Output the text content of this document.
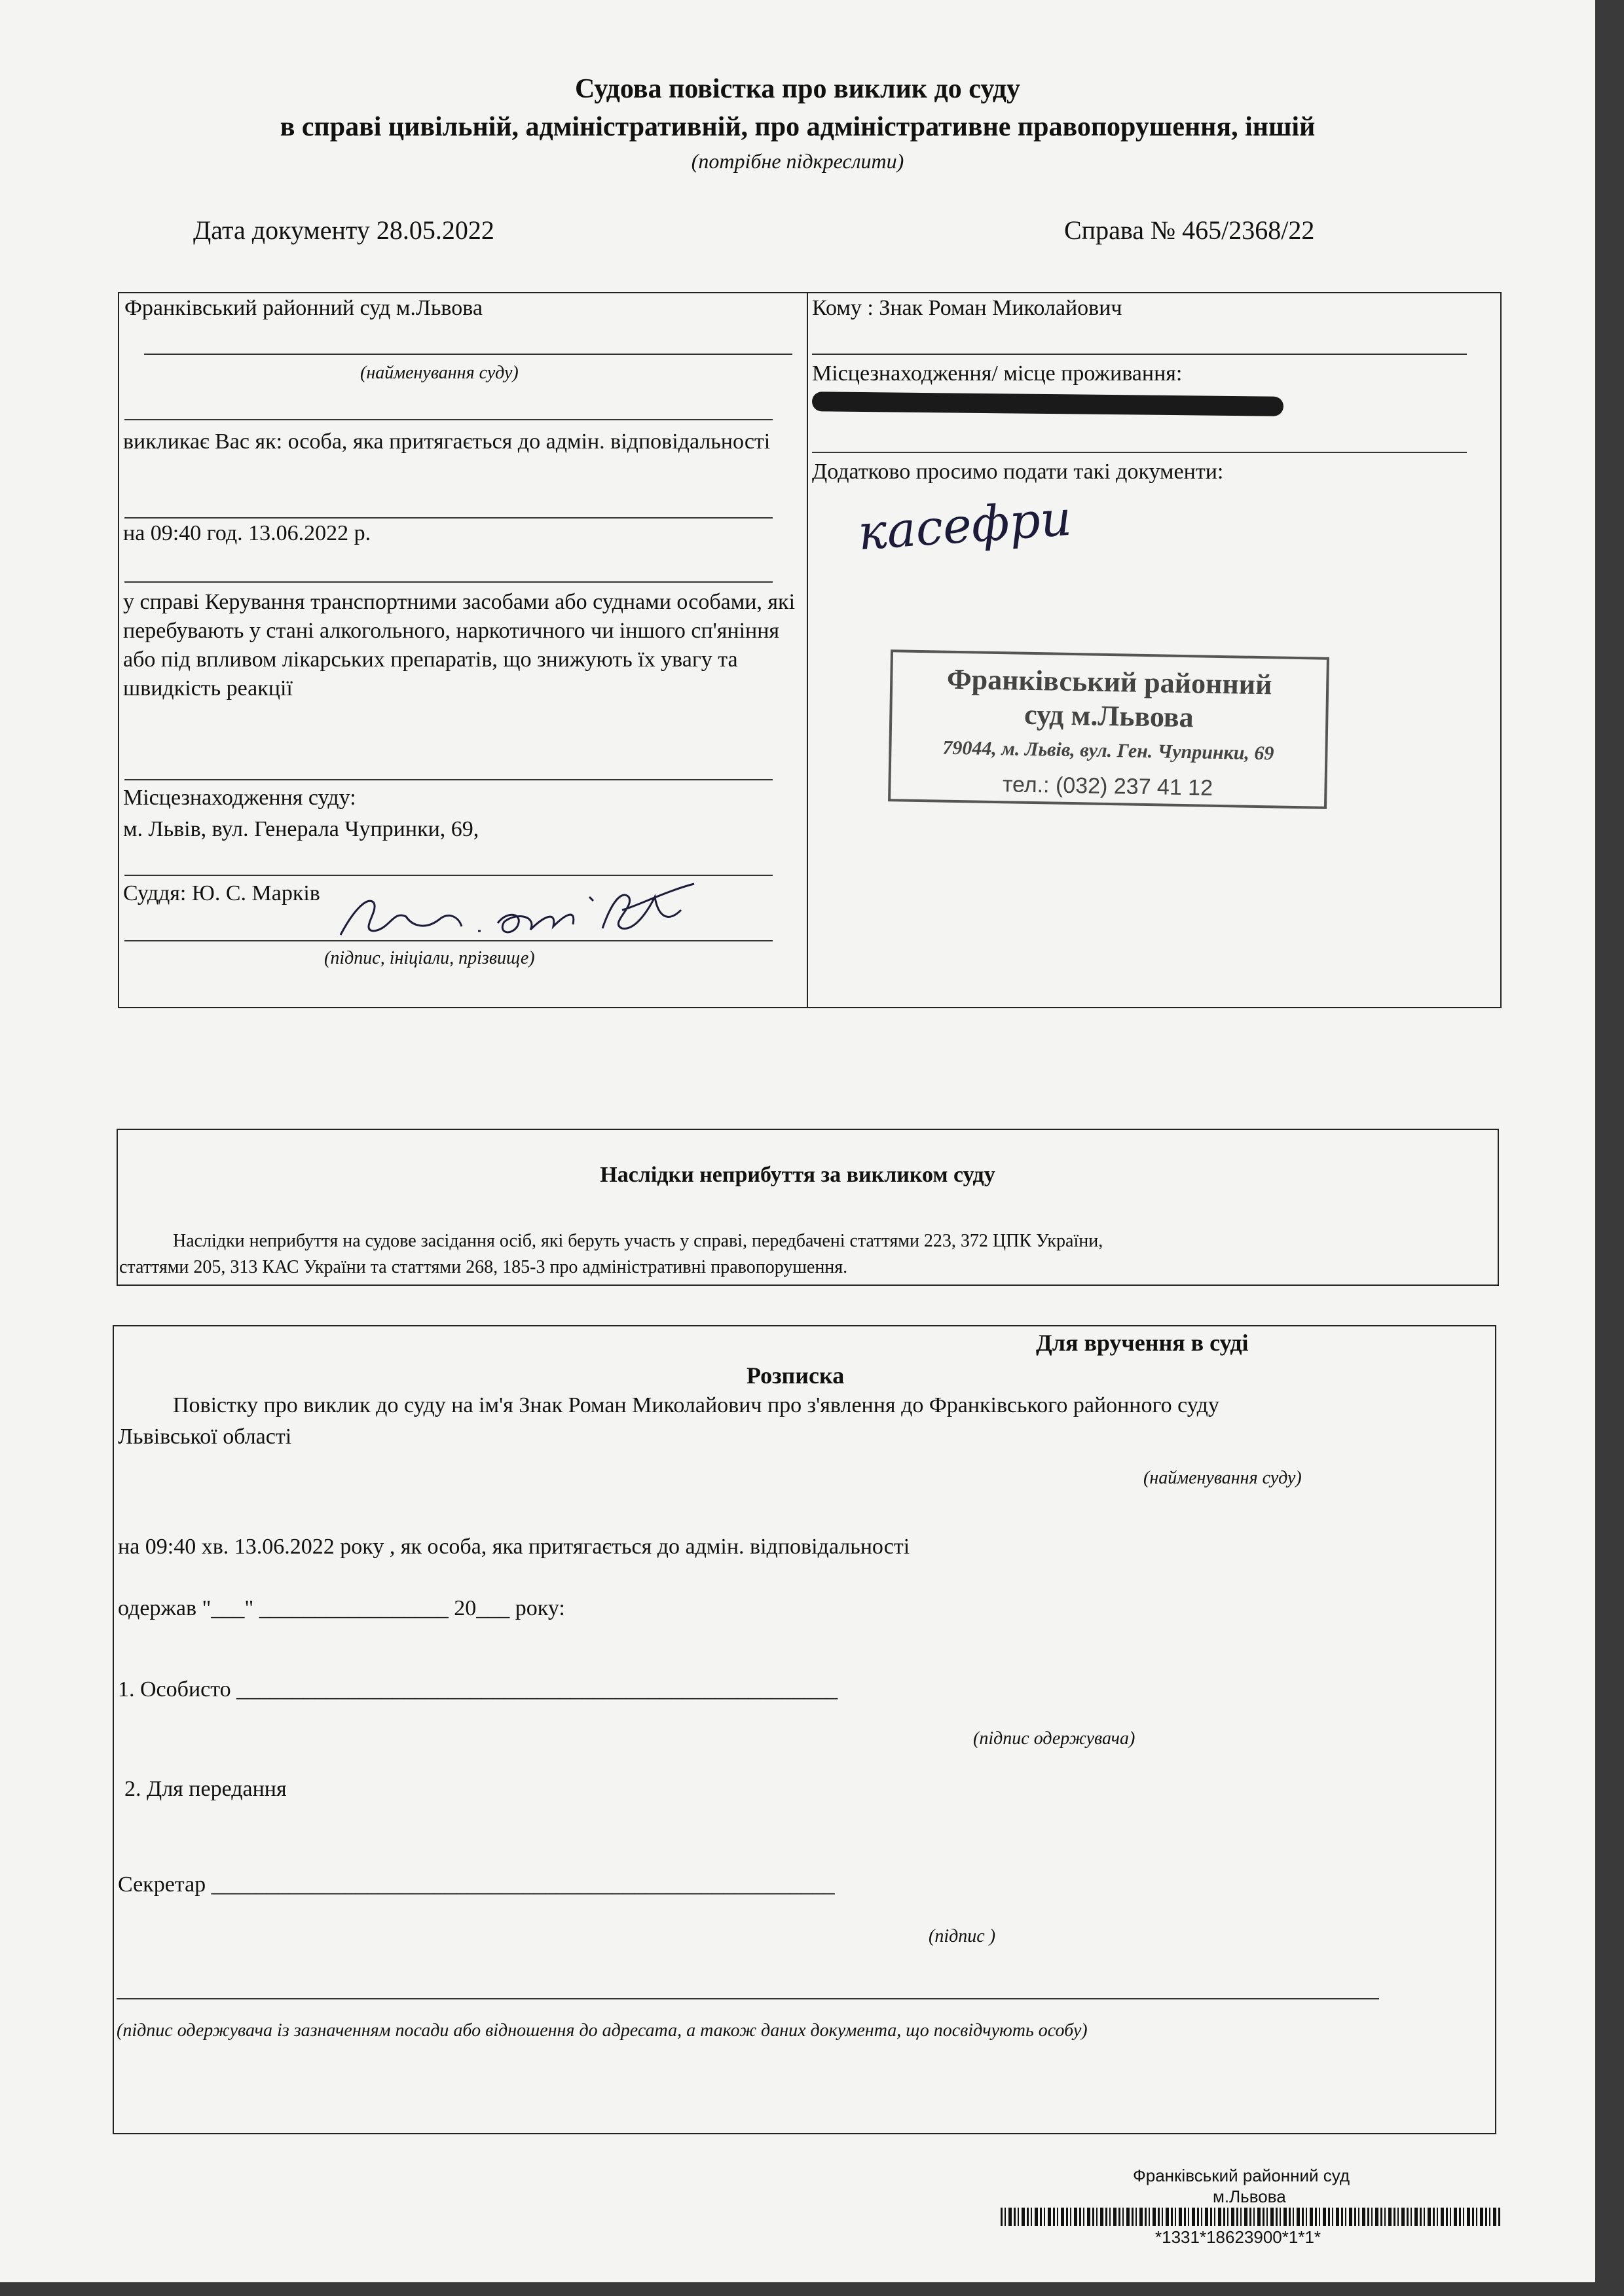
Судова повістка про виклик до суду
в справі цивільній, адміністративній, про адміністративне правопорушення, іншій
(потрібне підкреслити)
Дата документу 28.05.2022	Справа № 465/2368/22
Франківський районний суд м.Львова
(найменування суду)
викликає Вас як: особа, яка притягається до адмін. відповідальності
на 09:40 год. 13.06.2022 р.
у справі Керування транспортними засобами або суднами особами, які перебувають у стані алкогольного, наркотичного чи іншого сп'яніння або під впливом лікарських препаратів, що знижують їх увагу та швидкість реакції
Місцезнаходження суду:
м. Львів, вул. Генерала Чупринки, 69,
Суддя: Ю. С. Марків
(підпис, ініціали, прізвище)
Кому : Знак Роман Миколайович
Місцезнаходження/ місце проживання:
Додатково просимо подати такі документи:
касефри
Франківський районний
суд м.Львова
79044, м. Львів, вул. Ген. Чупринки, 69
тел.: (032) 237 41 12
Наслідки неприбуття за викликом суду
Наслідки неприбуття на судове засідання осіб, які беруть участь у справі, передбачені статтями 223, 372 ЦПК України,
статтями 205, 313 КАС України та статтями 268, 185-3 про адміністративні правопорушення.
Для вручення в суді
Розписка
Повістку про виклик до суду на ім'я Знак Роман Миколайович про з'явлення до Франківського районного суду
Львівської області
(найменування суду)
на 09:40 хв. 13.06.2022 року , як особа, яка притягається до адмін. відповідальності
одержав "___" _________________ 20___ року:
1. Особисто ______________________________________________________
(підпис одержувача)
2. Для передання
Секретар ________________________________________________________
(підпис )
(підпис одержувача із зазначенням посади або відношення до адресата, а також даних документа, що посвідчують особу)
Франківський районний суд
м.Львова
*1331*18623900*1*1*
